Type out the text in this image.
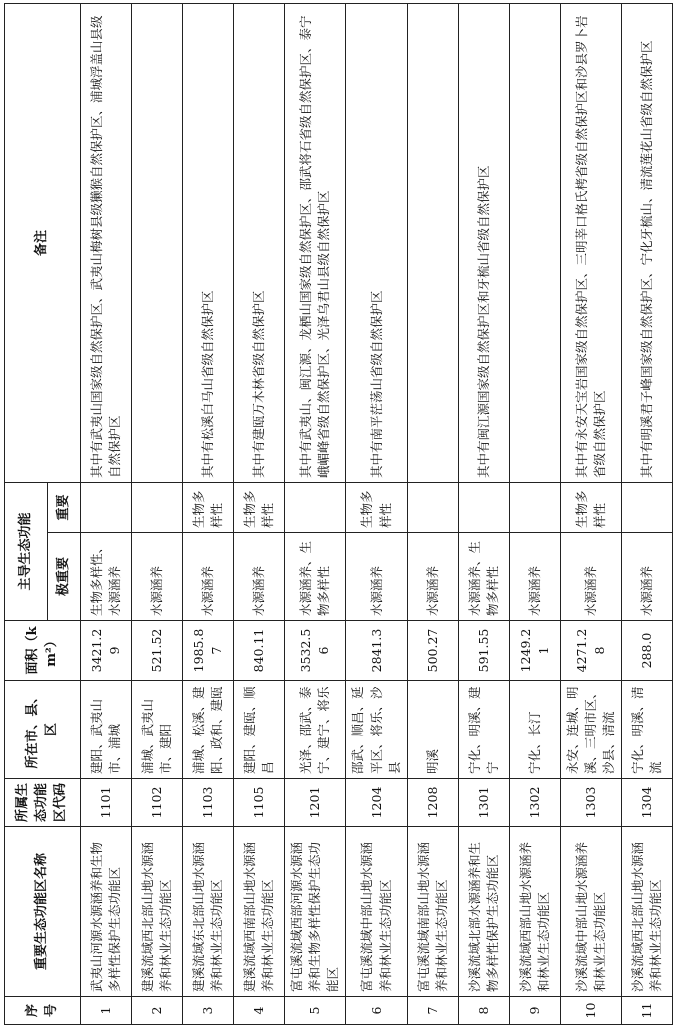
序号	重要生态功能区名称	所属生态功能区代码	所在市、县、区	面积（km²）	主导生态功能		备注
					极重要	重要	
1	武夷山河源水源涵养和生物多样性保护生态功能区	1101	建阳、武夷山市、浦城	3421.29	生物多样性、水源涵养		其中有武夷山国家级自然保护区、武夷山梅树县级獭猴自然保护区、浦城浮盖山县级自然保护区
2	建溪流域西北部山地水源涵养和林业生态功能区	1102	浦城、武夷山市、建阳	521.52	水源涵养		
3	建溪流域东北部山地水源涵养和林业生态功能区	1103	浦城、松溪、建阳、政和、建瓯	1985.87	水源涵养	生物多样性	其中有松溪白马山省级自然保护区
4	建溪流域西南部山地水源涵养和林业生态功能区	1105	建阳、建瓯、顺昌	840.11	水源涵养	生物多样性	其中有建瓯万木林省级自然保护区
5	富屯溪流域西部河源水源涵养和生物多样性保护生态功能区	1201	光泽、邵武、泰宁、建宁、将乐	3532.56	水源涵养、生物多样性		其中有武夷山、闽江源、龙栖山国家级自然保护区、邵武将石省级自然保护区、泰宁峨嵋峰省级自然保护区、光泽乌君山县级自然保护区
6	富屯溪流域中部山地水源涵养和林业生态功能区	1204	邵武、顺昌、延平区、将乐、沙县	2841.3	水源涵养	生物多样性	其中有南平茫荡山省级自然保护区
7	富屯溪流域南部山地水源涵养和林业生态功能区	1208	明溪	500.27	水源涵养		
8	沙溪流域北部水源涵养和生物多样性保护生态功能区	1301	宁化、明溪、建宁	591.55	水源涵养、生物多样性		其中有闽江源国家级自然保护区和牙梳山省级自然保护区
9	沙溪流域西部山地水源涵养和林业生态功能区	1302	宁化、长汀	1249.21	水源涵养		
10	沙溪流域中部山地水源涵养和林业生态功能区	1303	永安、连城、明溪、三明市区、沙县、清流	4271.28	水源涵养	生物多样性	其中有永安天宝岩国家级自然保护区、三明莘口格氏栲省级自然保护区和沙县罗卜岩省级自然保护区
11	沙溪流域西北部山地水源涵养和林业生态功能区	1304	宁化、明溪、清流	288.0	水源涵养		其中有明溪君子峰国家级自然保护区、宁化牙梳山、清流莲花山省级自然保护区
